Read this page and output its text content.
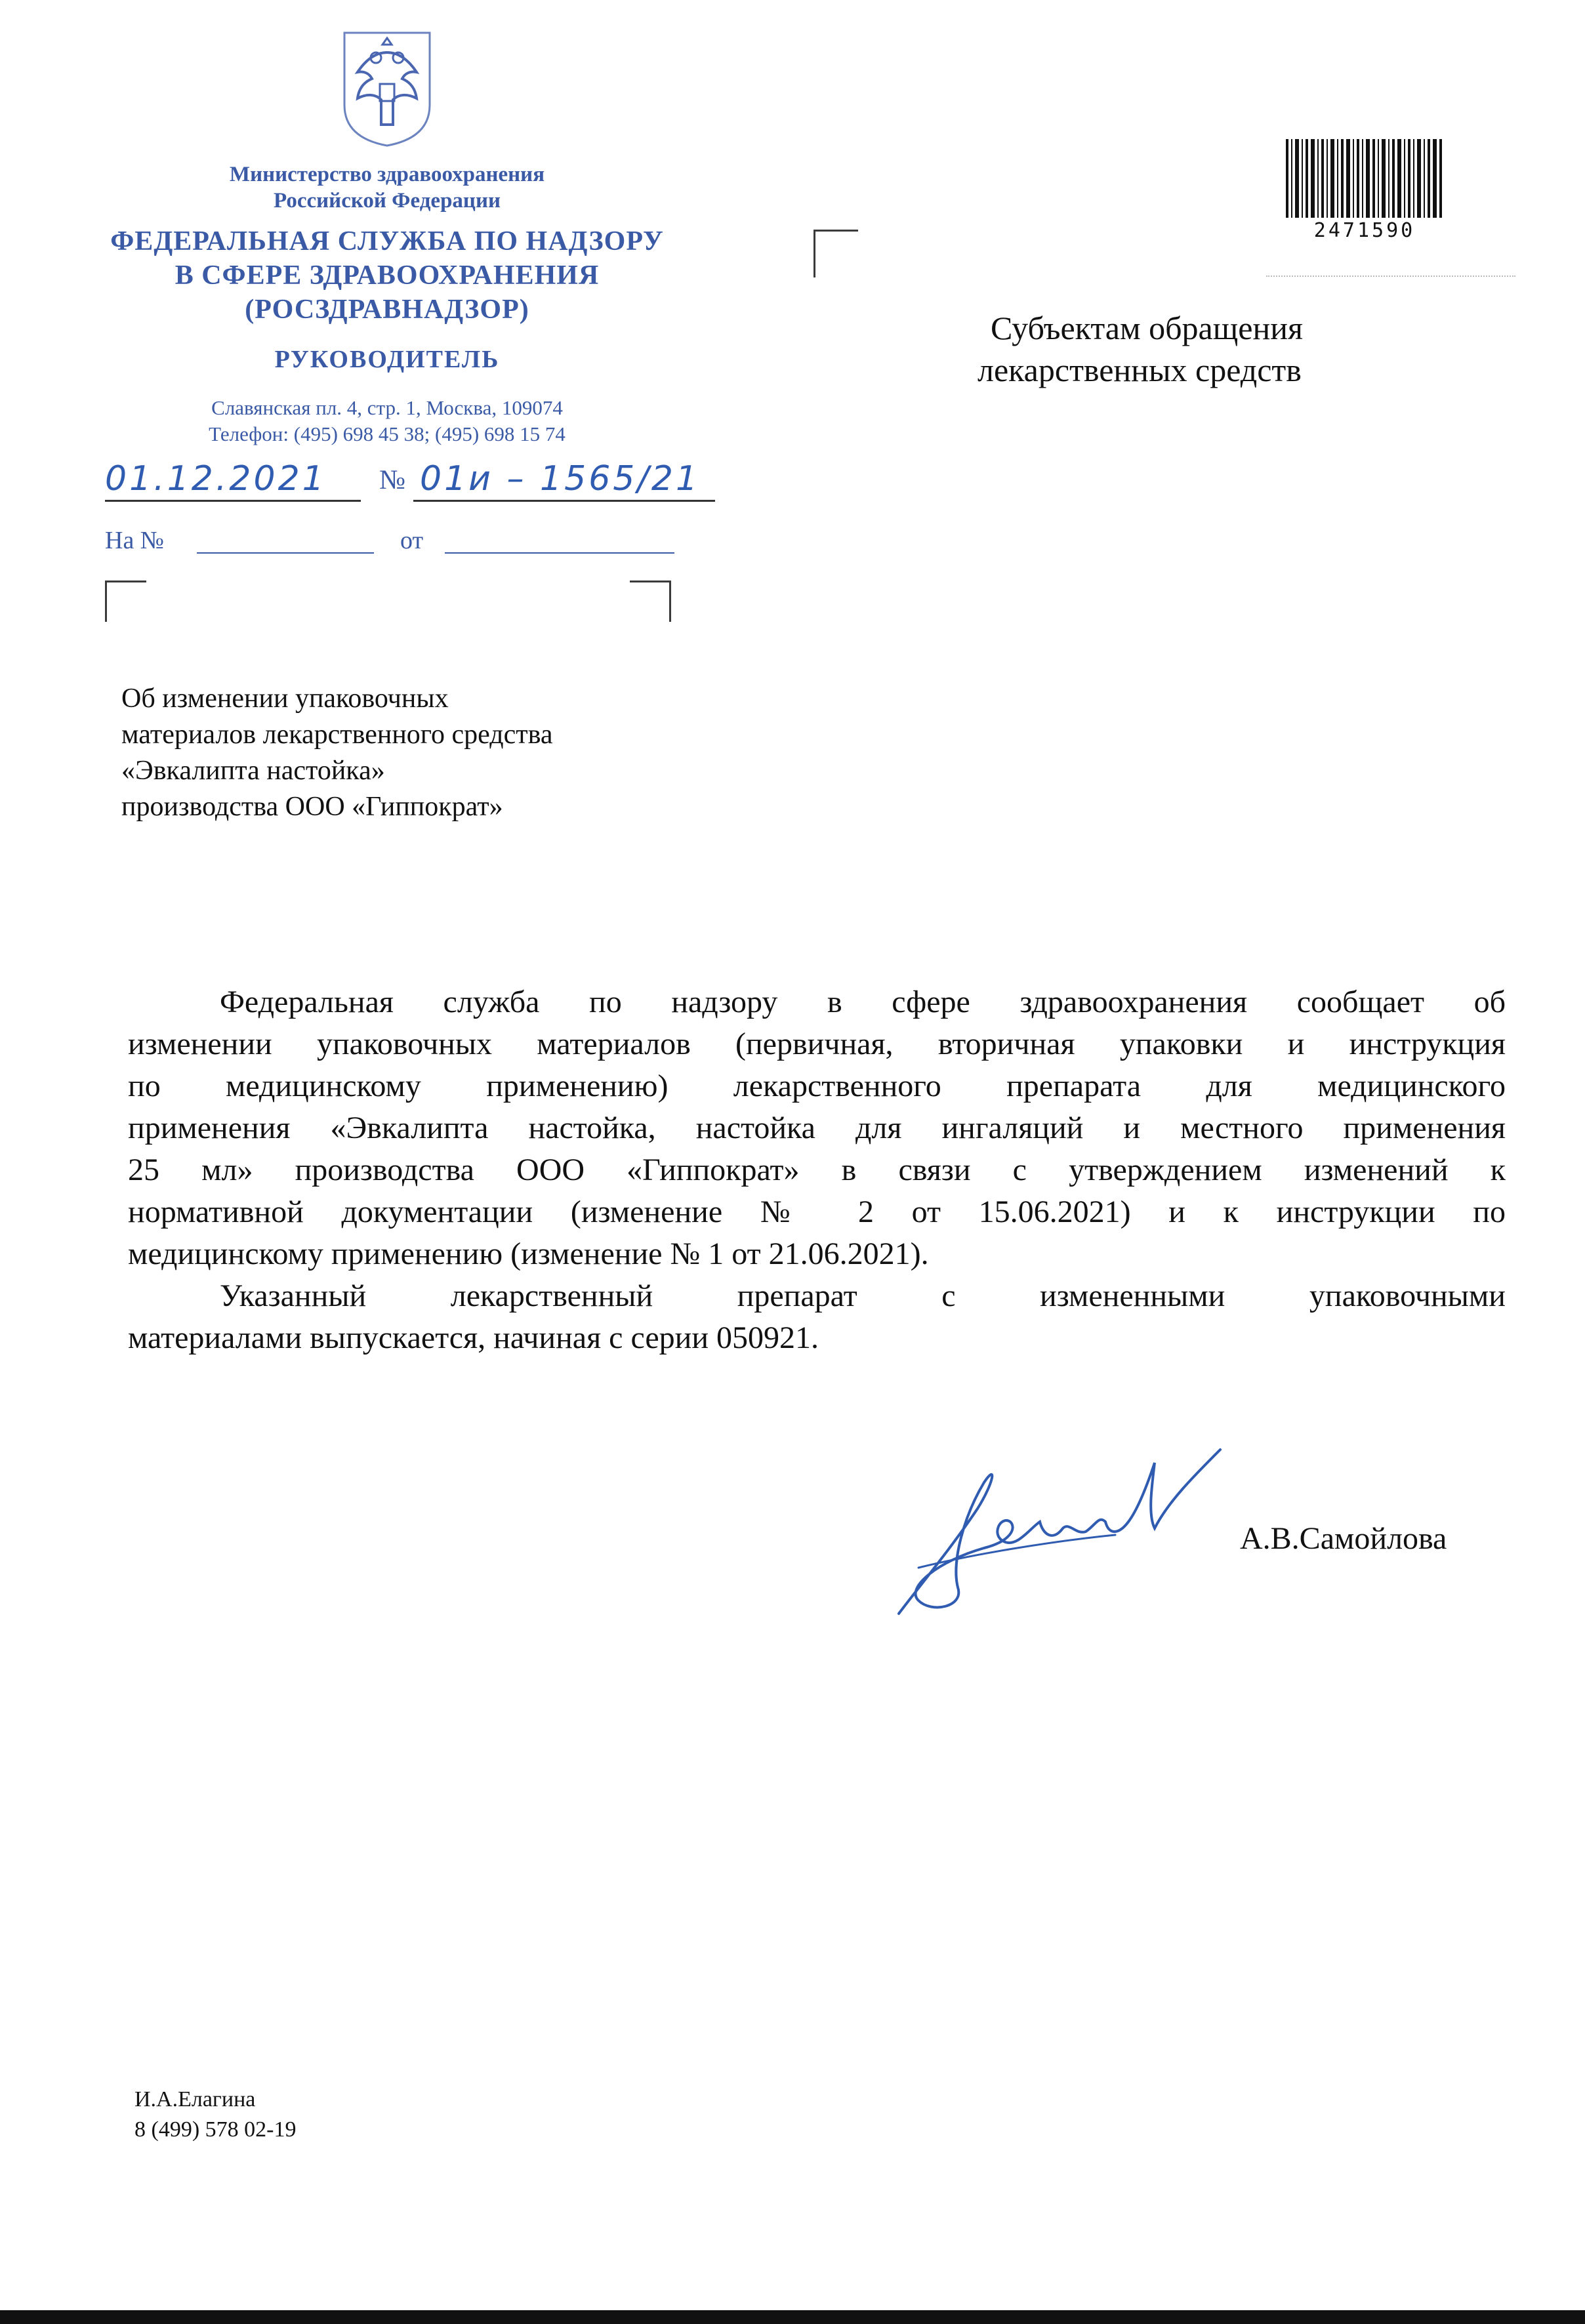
Министерство здравоохранения
Российской Федерации
ФЕДЕРАЛЬНАЯ СЛУЖБА ПО НАДЗОРУ
В СФЕРЕ ЗДРАВООХРАНЕНИЯ
(РОСЗДРАВНАДЗОР)
РУКОВОДИТЕЛЬ
Славянская пл. 4, стр. 1, Москва, 109074
Телефон: (495) 698 45 38; (495) 698 15 74
01.12.2021 № 01и – 1565/21
На №	от
2471590
Субъектам обращения
лекарственных средств
Об изменении упаковочных
материалов лекарственного средства
«Эвкалипта настойка»
производства ООО «Гиппократ»
Федеральная служба по надзору в сфере здравоохранения сообщает об
изменении упаковочных материалов (первичная, вторичная упаковки и инструкция
по медицинскому применению) лекарственного препарата для медицинского
применения «Эвкалипта настойка, настойка для ингаляций и местного применения
25 мл» производства ООО «Гиппократ» в связи с утверждением изменений к
нормативной документации (изменение № 2 от 15.06.2021) и к инструкции по
медицинскому применению (изменение № 1 от 21.06.2021).
Указанный лекарственный препарат с измененными упаковочными
материалами выпускается, начиная с серии 050921.
А.В.Самойлова
И.А.Елагина
8 (499) 578 02-19
